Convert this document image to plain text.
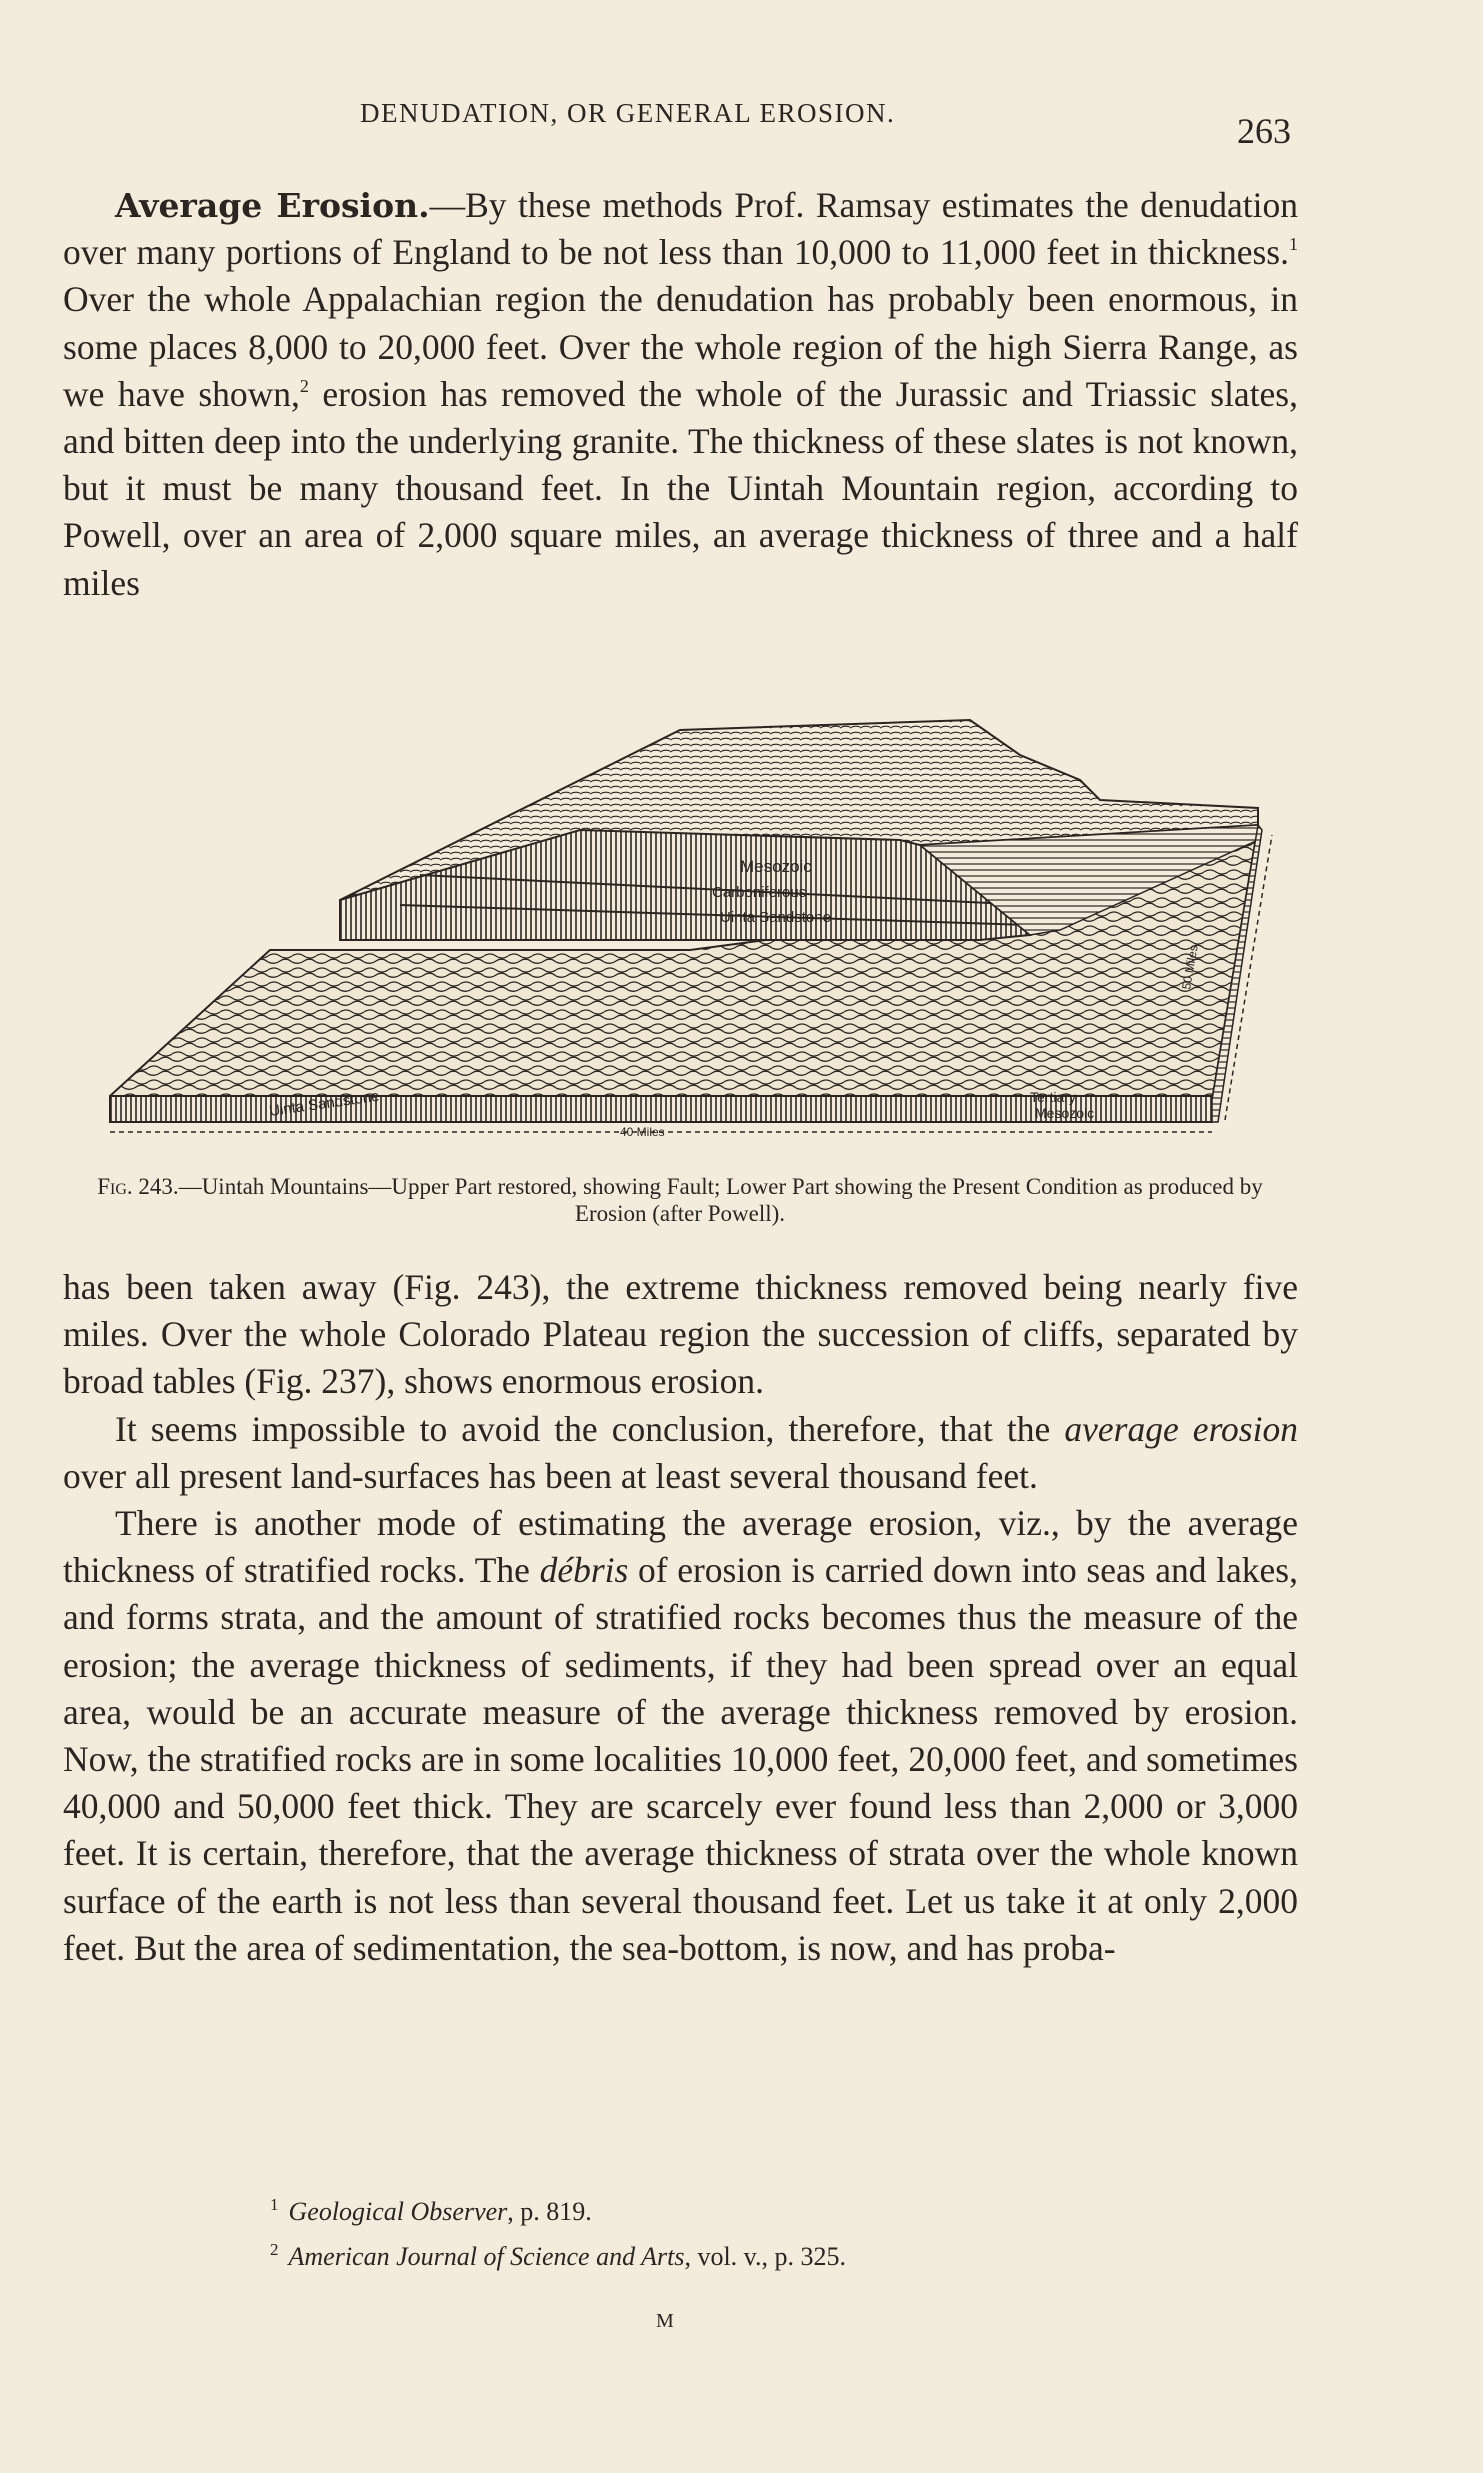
DENUDATION, OR GENERAL EROSION.	263

Average Erosion.—By these methods Prof. Ramsay estimates the denudation over many portions of England to be not less than 10,000 to 11,000 feet in thickness.$^1$ Over the whole Appalachian region the denudation has probably been enormous, in some places 8,000 to 20,000 feet. Over the whole region of the high Sierra Range, as we have shown,$^2$ erosion has removed the whole of the Jurassic and Triassic slates, and bitten deep into the underlying granite. The thickness of these slates is not known, but it must be many thousand feet. In the Uintah Mountain region, according to Powell, over an area of 2,000 square miles, an average thickness of three and a half miles

Mesozoic
Carboniferous
Uinta Sandstone
Uinta Sandstone	Tertiary
Mesozoic
40 Miles
50 Miles
Fig. 243.—Uintah Mountains—Upper Part restored, showing Fault; Lower Part showing the Present Condition as produced by Erosion (after Powell).

has been taken away (Fig. 243), the extreme thickness removed being nearly five miles. Over the whole Colorado Plateau region the succession of cliffs, separated by broad tables (Fig. 237), shows enormous erosion.

It seems impossible to avoid the conclusion, therefore, that the average erosion over all present land-surfaces has been at least several thousand feet.

There is another mode of estimating the average erosion, viz., by the average thickness of stratified rocks. The débris of erosion is carried down into seas and lakes, and forms strata, and the amount of stratified rocks becomes thus the measure of the erosion; the average thickness of sediments, if they had been spread over an equal area, would be an accurate measure of the average thickness removed by erosion. Now, the stratified rocks are in some localities 10,000 feet, 20,000 feet, and sometimes 40,000 and 50,000 feet thick. They are scarcely ever found less than 2,000 or 3,000 feet. It is certain, therefore, that the average thickness of strata over the whole known surface of the earth is not less than several thousand feet. Let us take it at only 2,000 feet. But the area of sedimentation, the sea-bottom, is now, and has proba-

$^1$ Geological Observer, p. 819.

$^2$ American Journal of Science and Arts, vol. v., p. 325.

M
